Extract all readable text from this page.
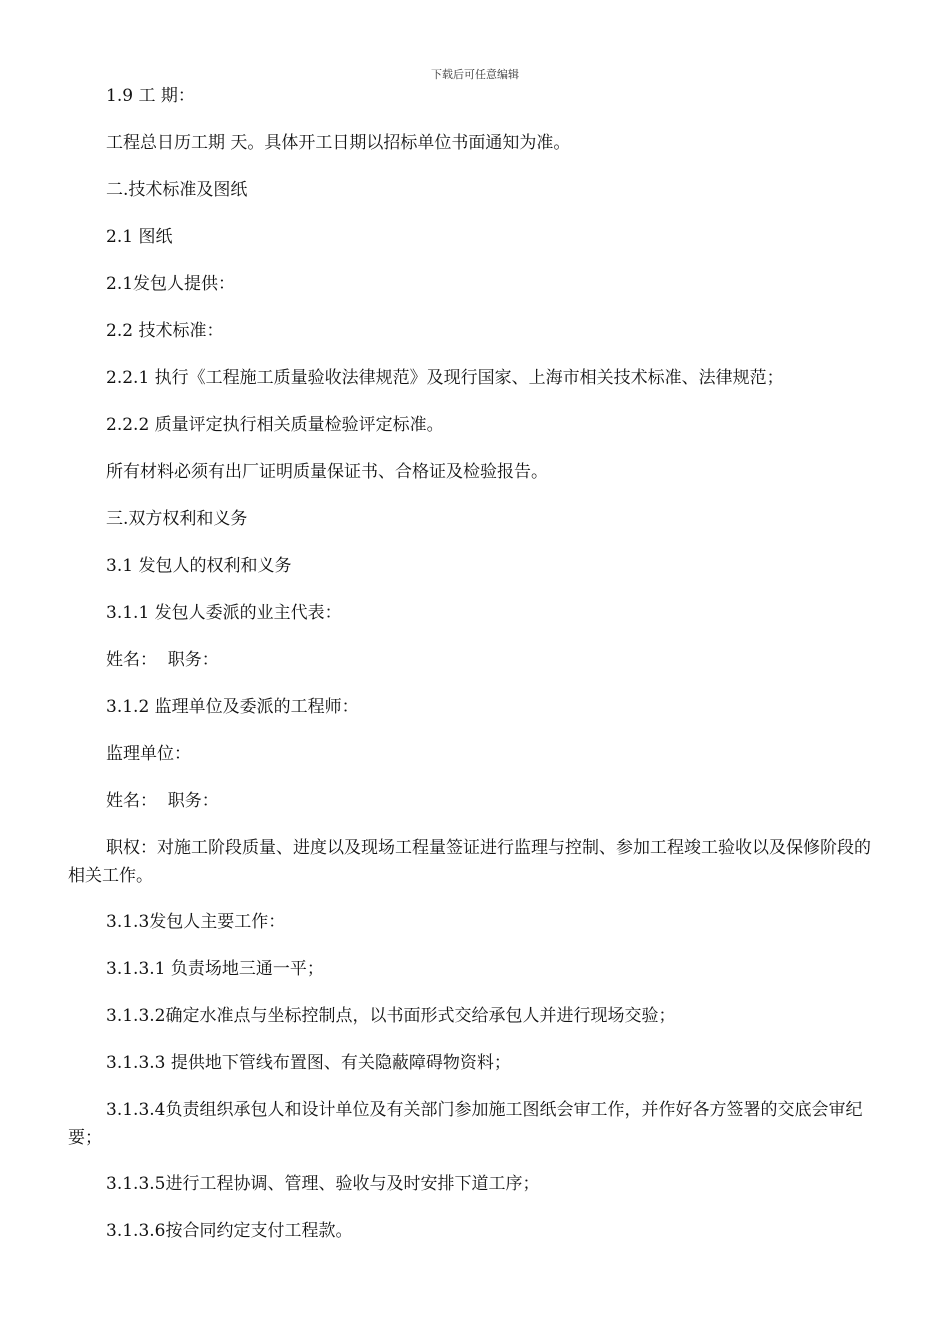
下载后可任意编辑

1.9 工 期：

工程总日历工期 天。具体开工日期以招标单位书面通知为准。

二.技术标准及图纸

2.1 图纸

2.1发包人提供：

2.2 技术标准：

2.2.1 执行《工程施工质量验收法律规范》及现行国家、上海市相关技术标准、法律规范；

2.2.2 质量评定执行相关质量检验评定标准。

所有材料必须有出厂证明质量保证书、合格证及检验报告。

三.双方权利和义务

3.1 发包人的权利和义务

3.1.1 发包人委派的业主代表：

姓名：  职务：

3.1.2 监理单位及委派的工程师：

监理单位：

姓名：  职务：

职权：对施工阶段质量、进度以及现场工程量签证进行监理与控制、参加工程竣工验收以及保修阶段的相关工作。

3.1.3发包人主要工作：

3.1.3.1 负责场地三通一平；

3.1.3.2确定水准点与坐标控制点，以书面形式交给承包人并进行现场交验；

3.1.3.3 提供地下管线布置图、有关隐蔽障碍物资料；

3.1.3.4负责组织承包人和设计单位及有关部门参加施工图纸会审工作，并作好各方签署的交底会审纪要；

3.1.3.5进行工程协调、管理、验收与及时安排下道工序；

3.1.3.6按合同约定支付工程款。
